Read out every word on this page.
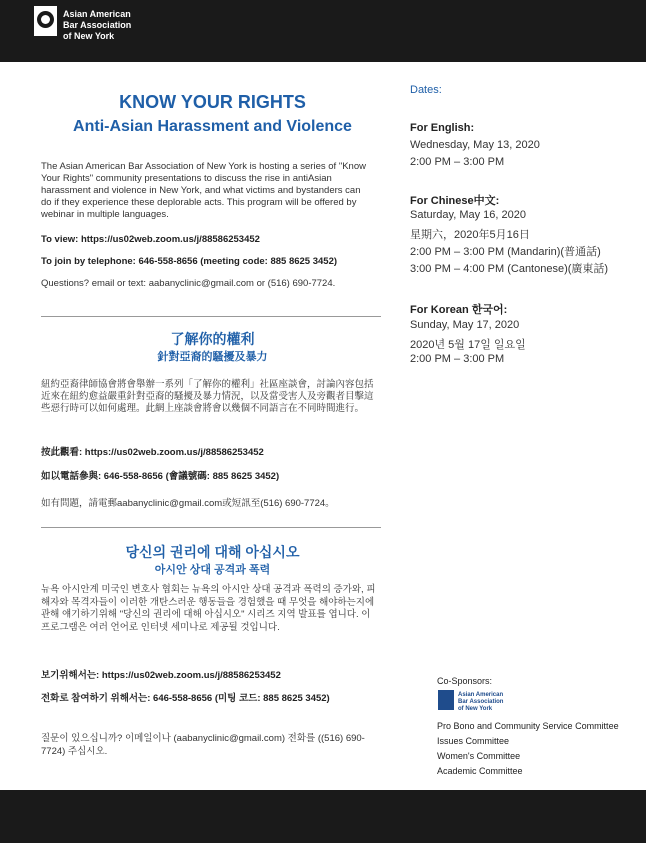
Asian American
Bar Association
of New York
KNOW YOUR RIGHTS
Anti-Asian Harassment and Violence
The Asian American Bar Association of New York is hosting a series of "Know Your Rights" community presentations to discuss the rise in antiAsian harassment and violence in New York, and what victims and bystanders can do if they experience these deplorable acts. This program will be offered by webinar in multiple languages.
To view: https://us02web.zoom.us/j/88586253452
To join by telephone: 646-558-8656 (meeting code: 885 8625 3452)
Questions? email or text: aabanyclinic@gmail.com or (516) 690-7724.
了解你的權利
針對亞裔的騷擾及暴力
紐約亞裔律師協會將會舉辦一系列「了解你的權利」社區座談會，討論內容包括近來在紐約愈益嚴重針對亞裔的騷擾及暴力情況，以及當受害人及旁觀者目擊這些惡行時可以如何處理。此網上座談會將會以幾個不同語言在不同時間進行。
按此觀看: https://us02web.zoom.us/j/88586253452
如以電話參與: 646-558-8656 (會議號碼: 885 8625 3452)
如有問題，請電郵aabanyclinic@gmail.com或短訊至(516) 690-7724。
당신의 권리에 대해 아십시오
아시안 상대 공격과 폭력
뉴욕 아시안계 미국인 변호사 협회는 뉴욕의 아시안 상대 공격과 폭력의 증가와, 피해자와 목격자들이 이러한 개탄스러운 행동들을 경험했을 때 무엇을 해야하는지에 관해 얘기하기위해 "당신의 권리에 대해 아십시오" 시리즈 지역 발표를 엽니다. 이 프로그램은 여러 언어로 인터넷 세미나로 제공될 것입니다.
보기위해서는: https://us02web.zoom.us/j/88586253452
전화로 참여하기 위해서는: 646-558-8656 (미팅 코드: 885 8625 3452)
질문이 있으십니까? 이메일이나 (aabanyclinic@gmail.com) 전화를 ((516) 690-7724) 주십시오.
Dates:
For English:
Wednesday, May 13, 2020
2:00 PM – 3:00 PM
For Chinese中文:
Saturday, May 16, 2020
星期六，2020年5月16日
2:00 PM – 3:00 PM (Mandarin)(普通話)
3:00 PM – 4:00 PM (Cantonese)(廣東話)
For Korean 한국어:
Sunday, May 17, 2020
2020년 5월 17일 일요일
2:00 PM – 3:00 PM
Co-Sponsors:
Asian American
Bar Association
of New York
Pro Bono and Community Service Committee
Issues Committee
Women's Committee
Academic Committee
